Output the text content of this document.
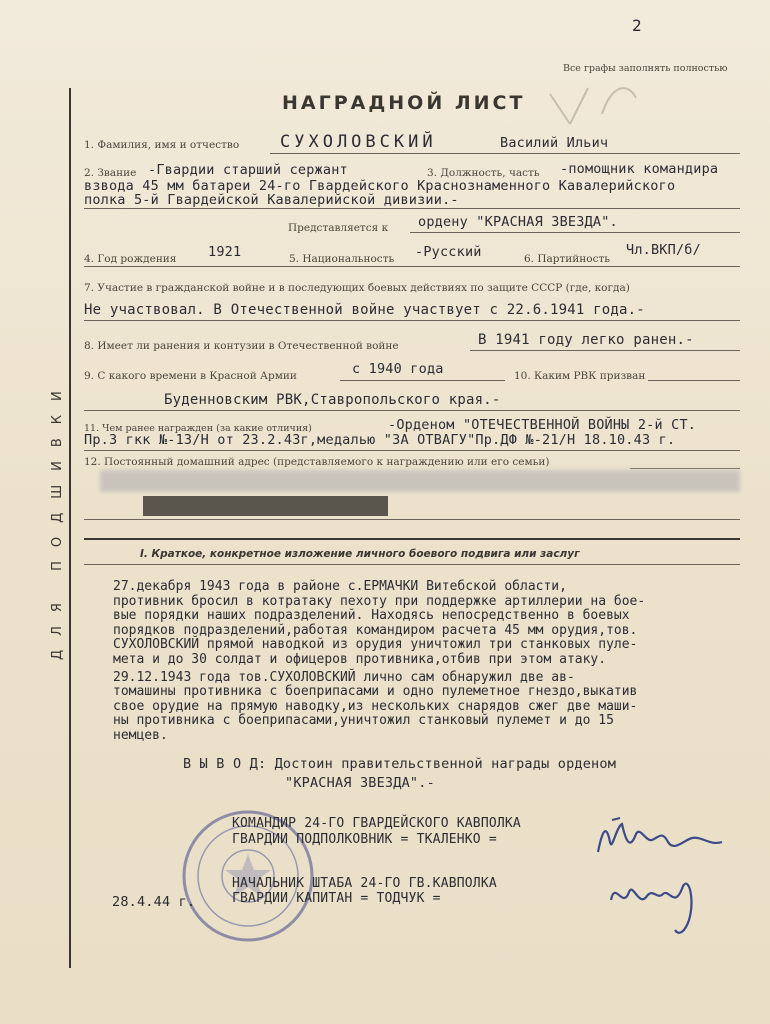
2
Все графы заполнять полностью
НАГРАДНОЙ ЛИСТ
ДЛЯ ПОДШИВКИ
1. Фамилия, имя и отчество СУХОЛОВСКИЙ	Василий Ильич
2. Звание -Гвардии старший сержант	3. Должность, часть -помощник командира
взвода 45 мм батареи 24-го Гвардейского Краснознаменного Кавалерийского
полка 5-й Гвардейской Кавалерийской дивизии.-
Представляется к ордену "КРАСНАЯ ЗВЕЗДА".
4. Год рождения 1921	5. Национальность -Русский	6. Партийность
Чл.ВКП/б/
7. Участие в гражданской войне и в последующих боевых действиях по защите СССР (где, когда)
Не участвовал. В Отечественной войне участвует с 22.6.1941 года.-
8. Имеет ли ранения и контузии в Отечественной войне	В 1941 году легко ранен.-
9. С какого времени в Красной Армии	с 1940 года	10. Каким РВК призван
Буденновским РВК,Ставропольского края.-
11. Чем ранее награжден (за какие отличия)	-Орденом "ОТЕЧЕСТВЕННОЙ ВОЙНЫ 2-й СТ.
Пр.3 гкк №-13/Н от 23.2.43г,медалью "ЗА ОТВАГУ"Пр.ДФ №-21/Н 18.10.43 г.
12. Постоянный домашний адрес (представляемого к награждению или его семьи)
I. Краткое, конкретное изложение личного боевого подвига или заслуг
27.декабря 1943 года в районе с.ЕРМАЧКИ Витебской области,
противник бросил в котратаку пехоту при поддержке артиллерии на бое-
вые порядки наших подразделений. Находясь непосредственно в боевых
порядков подразделений,работая командиром расчета 45 мм орудия,тов.
СУХОЛОВСКИЙ прямой наводкой из орудия уничтожил три станковых пуле-
мета и до 30 солдат и офицеров противника,отбив при этом атаку.
29.12.1943 года тов.СУХОЛОВСКИЙ лично сам обнаружил две ав-
томашины противника с боеприпасами и одно пулеметное гнездо,выкатив
свое орудие на прямую наводку,из нескольких снарядов сжег две маши-
ны противника с боеприпасами,уничтожил станковый пулемет и до 15
немцев.
В Ы В О Д: Достоин правительственной награды орденом
"КРАСНАЯ ЗВЕЗДА".-
КОМАНДИР 24-ГО ГВАРДЕЙСКОГО КАВПОЛКА
ГВАРДИИ ПОДПОЛКОВНИК = ТКАЛЕНКО =
НАЧАЛЬНИК ШТАБА 24-ГО ГВ.КАВПОЛКА
ГВАРДИИ КАПИТАН = ТОДЧУК =
28.4.44 г.
